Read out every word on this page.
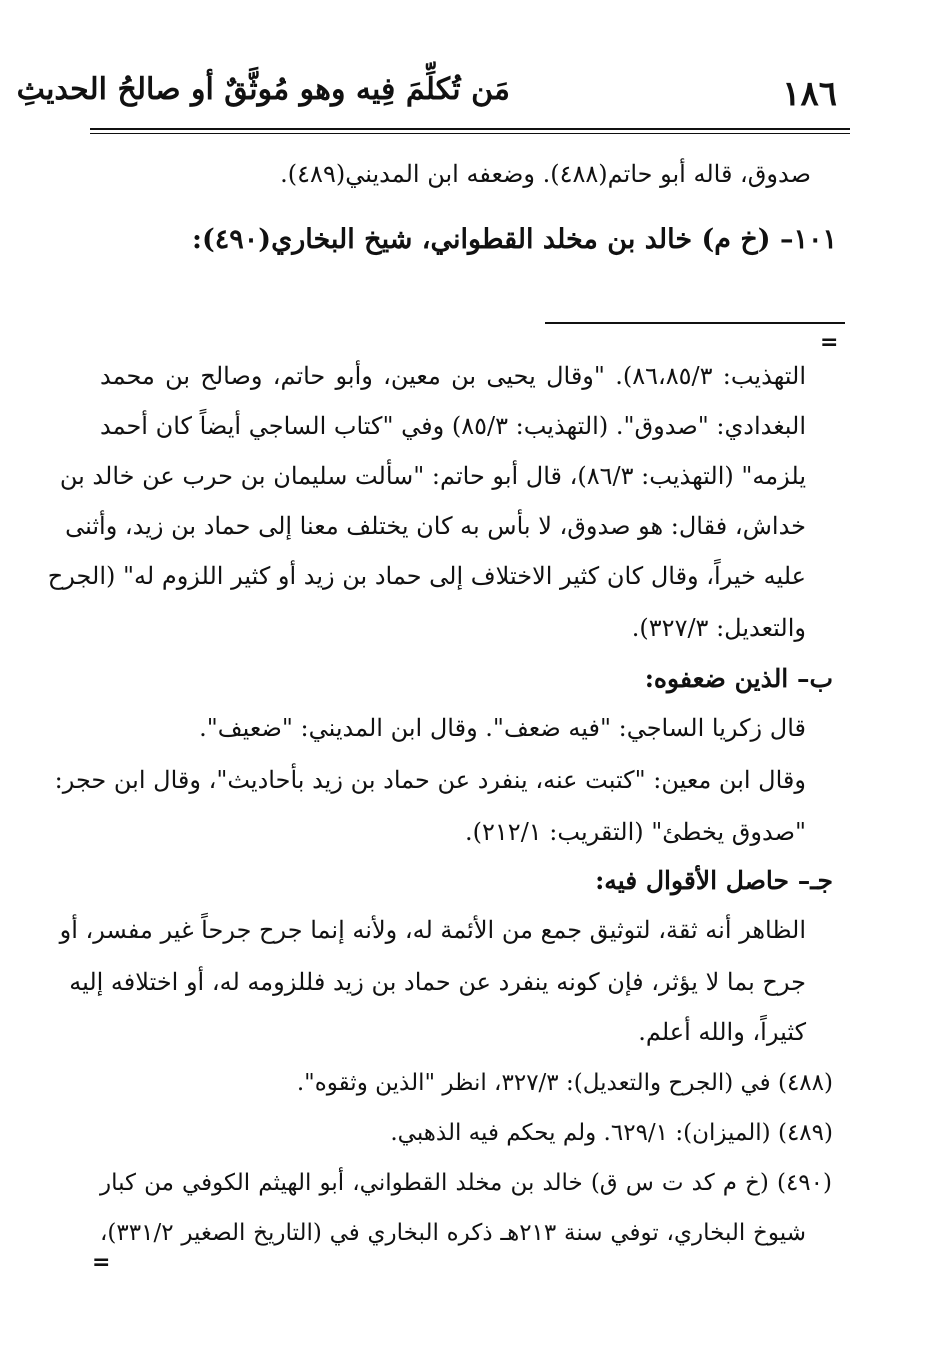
مَن تُكلِّمَ فِيه وهو مُوثَّقٌ أو صالحُ الحديثِ	١٨٦
صدوق، قاله أبو حاتم(٤٨٨). وضعفه ابن المديني(٤٨٩).
١٠١– (خ م) خالد بن مخلد القطواني، شيخ البخاري(٤٩٠):
=
التهذيب: ٨٦،٨٥/٣). "وقال يحيى بن معين، وأبو حاتم، وصالح بن محمد
البغدادي: "صدوق". (التهذيب: ٨٥/٣) وفي "كتاب الساجي أيضاً كان أحمد
يلزمه" (التهذيب: ٨٦/٣)، قال أبو حاتم: "سألت سليمان بن حرب عن خالد بن
خداش، فقال: هو صدوق، لا بأس به كان يختلف معنا إلى حماد بن زيد، وأثنى
عليه خيراً، وقال كان كثير الاختلاف إلى حماد بن زيد أو كثير اللزوم له" (الجرح
والتعديل: ٣٢٧/٣).
ب– الذين ضعفوه:
قال زكريا الساجي: "فيه ضعف". وقال ابن المديني: "ضعيف".
وقال ابن معين: "كتبت عنه، ينفرد عن حماد بن زيد بأحاديث"، وقال ابن حجر:
"صدوق يخطئ" (التقريب: ٢١٢/١).
جـ– حاصل الأقوال فيه:
الظاهر أنه ثقة، لتوثيق جمع من الأئمة له، ولأنه إنما جرح جرحاً غير مفسر، أو
جرح بما لا يؤثر، فإن كونه ينفرد عن حماد بن زيد فللزومه له، أو اختلافه إليه
كثيراً، والله أعلم.
(٤٨٨) في (الجرح والتعديل): ٣٢٧/٣، انظر "الذين وثقوه".
(٤٨٩) (الميزان): ٦٢٩/١. ولم يحكم فيه الذهبي.
(٤٩٠) (خ م كد ت س ق) خالد بن مخلد القطواني، أبو الهيثم الكوفي من كبار
شيوخ البخاري، توفي سنة ٢١٣هـ ذكره البخاري في (التاريخ الصغير ٣٣١/٢)،
=
